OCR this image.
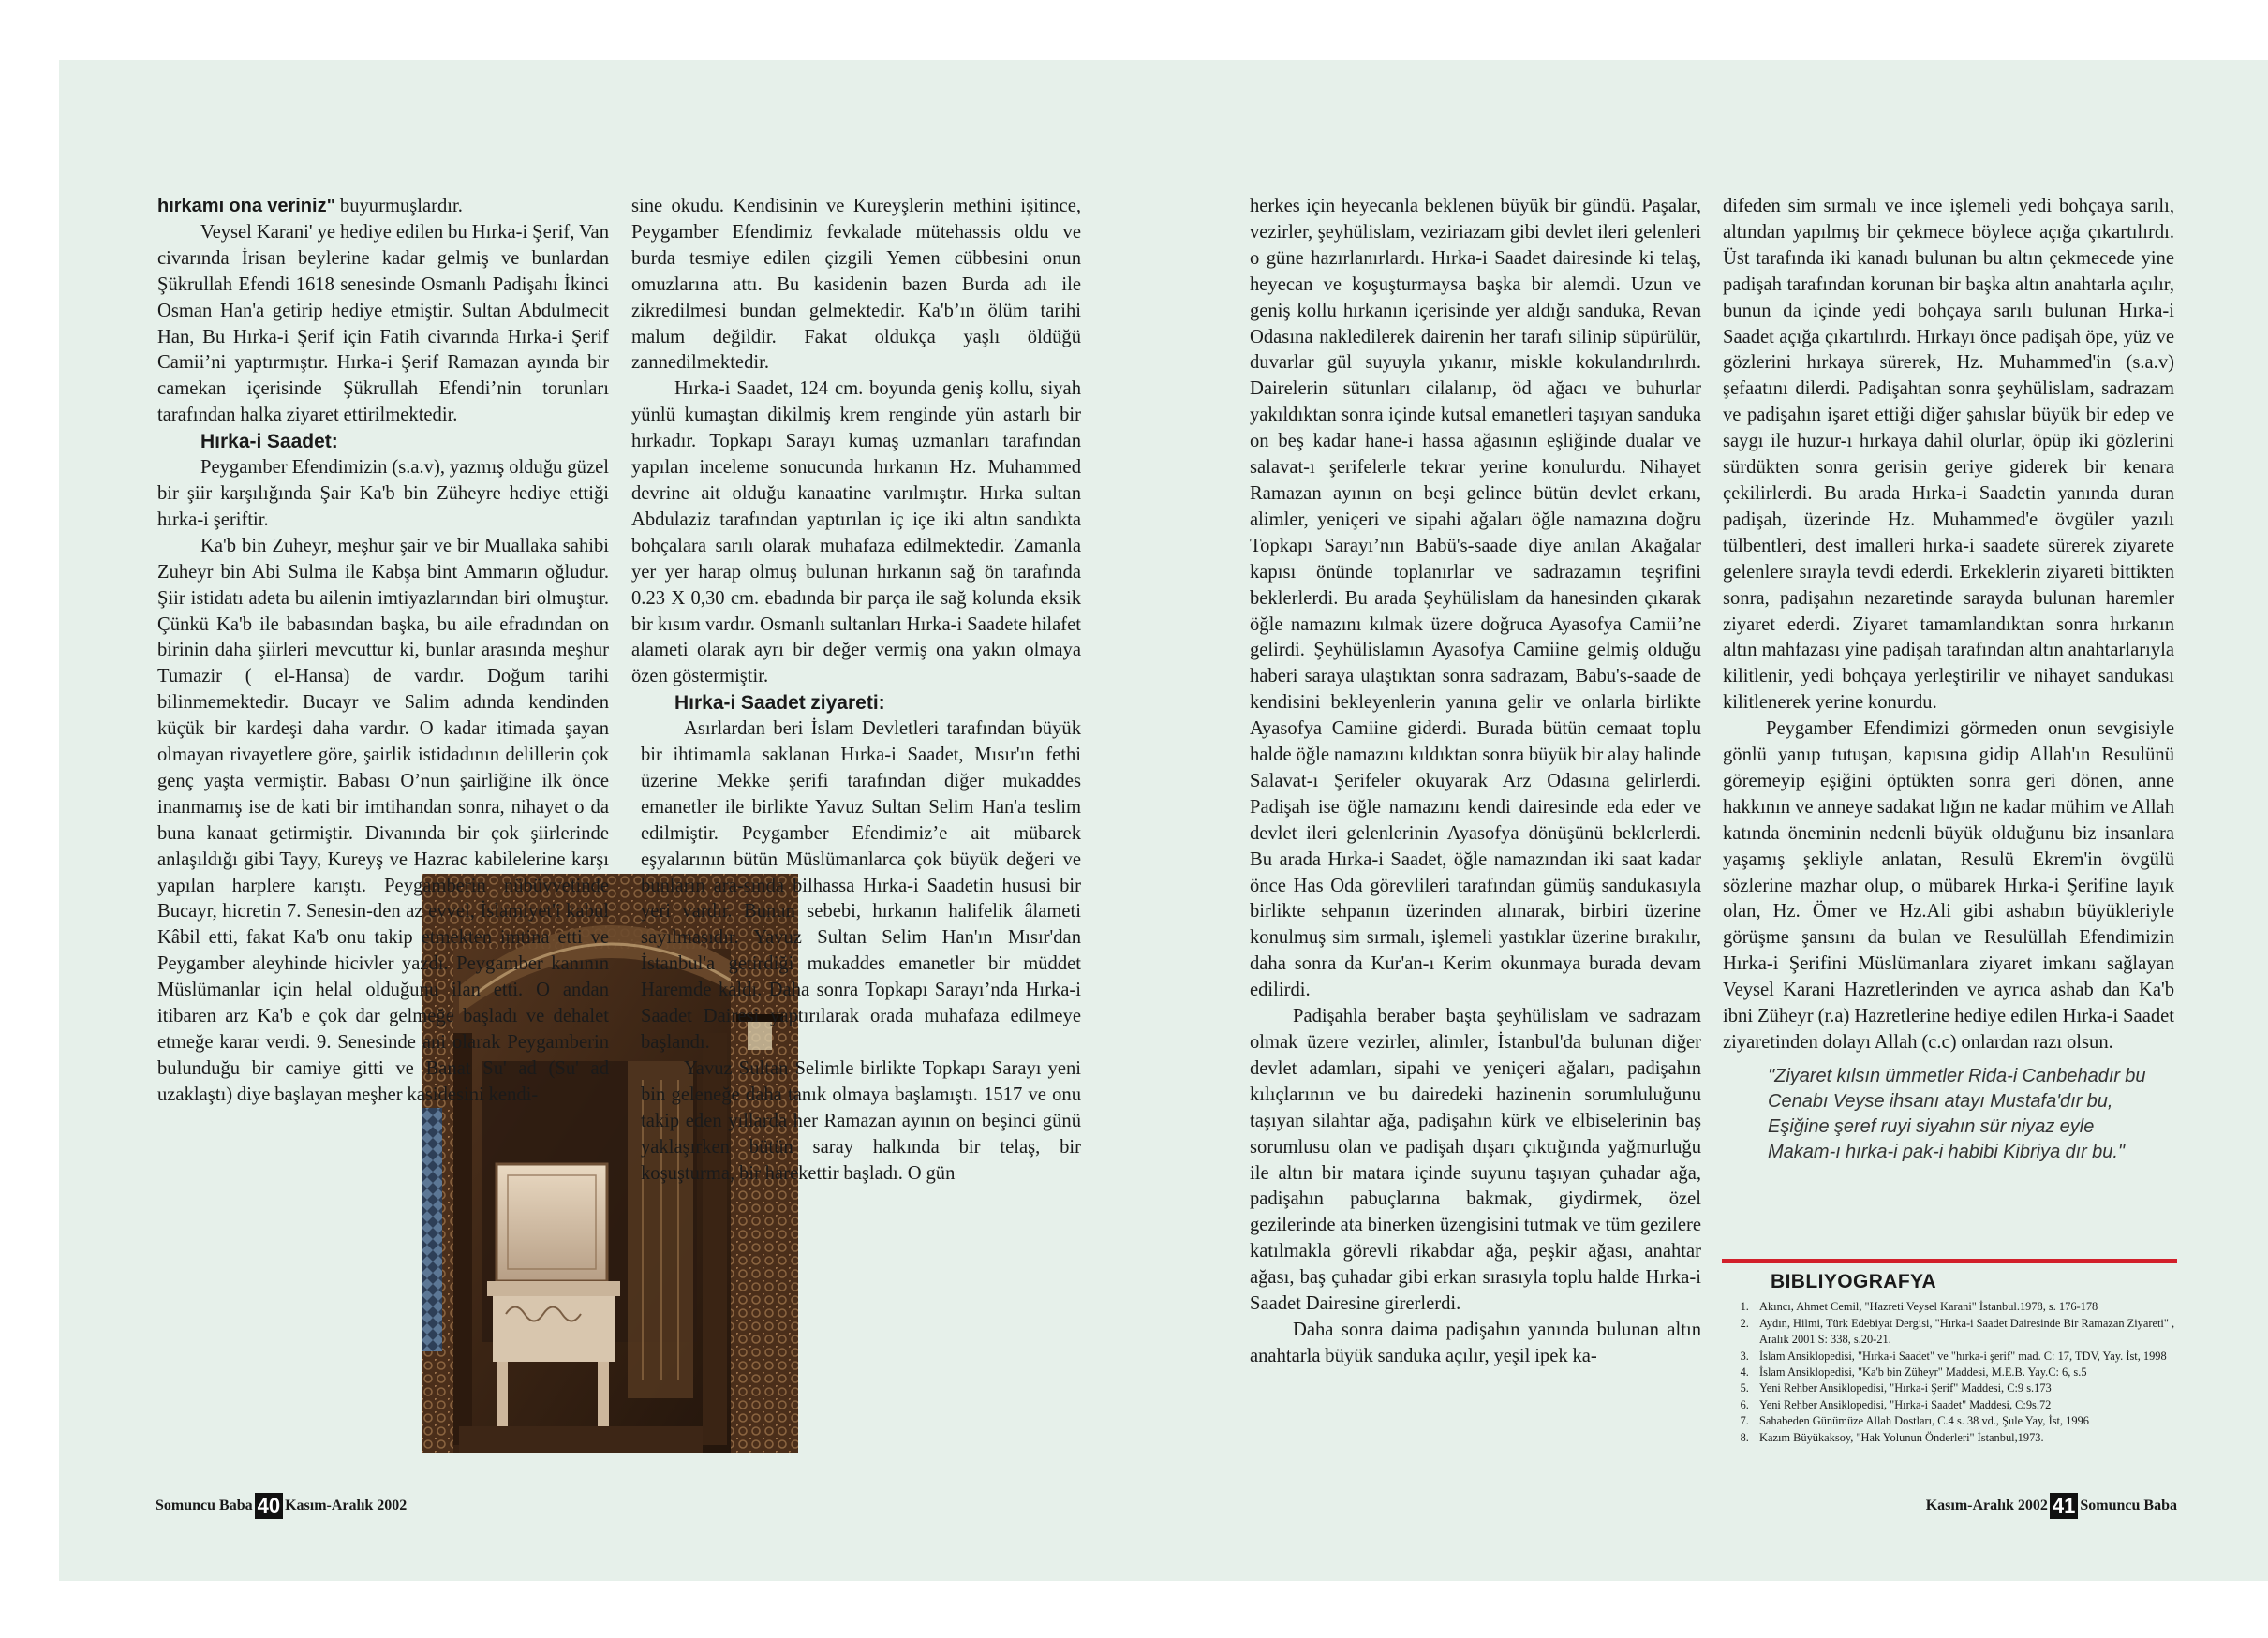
hırkamı ona veriniz" buyurmuşlardır.

Veysel Karani' ye hediye edilen bu Hırka-i Şerif, Van civarında İrisan beylerine kadar gelmiş ve bunlardan Şükrullah Efendi 1618 senesinde Osmanlı Padişahı İkinci Osman Han'a getirip hediye etmiştir. Sultan Abdulmecit Han, Bu Hırka-i Şerif için Fatih civarında Hırka-i Şerif Camii’ni yaptırmıştır. Hırka-i Şerif Ramazan ayında bir camekan içerisinde Şükrullah Efendi’nin torunları tarafından halka ziyaret ettirilmektedir.

Hırka-i Saadet:

Peygamber Efendimizin (s.a.v), yazmış olduğu güzel bir şiir karşılığında Şair Ka'b bin Züheyre hediye ettiği hırka-i şeriftir.

Ka'b bin Zuheyr, meşhur şair ve bir Muallaka sahibi Zuheyr bin Abi Sulma ile Kabşa bint Ammarın oğludur. Şiir istidatı adeta bu ailenin imtiyazlarından biri olmuştur. Çünkü Ka'b ile babasından başka, bu aile efradından on birinin daha şiirleri mevcuttur ki, bunlar arasında meşhur Tumazir ( el-Hansa) de vardır. Doğum tarihi bilinmemektedir. Bucayr ve Salim adında kendinden küçük bir kardeşi daha vardır. O kadar itimada şayan olmayan rivayetlere göre, şairlik istidadının delillerin çok genç yaşta vermiştir. Babası O’nun şairliğine ilk önce inanmamış ise de kati bir imtihandan sonra, nihayet o da buna kanaat getirmiştir. Divanında bir çok şiirlerinde anlaşıldığı gibi Tayy, Kureyş ve Hazrac kabilelerine karşı yapılan harplere karıştı. Peygamberin nübüvvetinde Bucayr, hicretin 7. Senesin-den az evvel, İslamiyet'i kabul Kâbil etti, fakat Ka'b onu takip etmekten imtina etti ve Peygamber aleyhinde hicivler yazdı. Peygamber kanının Müslümanlar için helal olduğunu ilan etti. O andan itibaren arz Ka'b e çok dar gelmeğe başladı ve dehalet etmeğe karar verdi. 9. Senesinde ani olarak Peygamberin bulunduğu bir camiye gitti ve Banat Su' ad (Su' ad uzaklaştı) diye başlayan meşher kasidesini kendi-

sine okudu. Kendisinin ve Kureyşlerin methini işitince, Peygamber Efendimiz fevkalade mütehassis oldu ve burda tesmiye edilen çizgili Yemen cübbesini onun omuzlarına attı. Bu kasidenin bazen Burda adı ile zikredilmesi bundan gelmektedir. Ka'b’ın ölüm tarihi malum değildir. Fakat oldukça yaşlı öldüğü zannedilmektedir.

Hırka-i Saadet, 124 cm. boyunda geniş kollu, siyah yünlü kumaştan dikilmiş krem renginde yün astarlı bir hırkadır. Topkapı Sarayı kumaş uzmanları tarafından yapılan inceleme sonucunda hırkanın Hz. Muhammed devrine ait olduğu kanaatine varılmıştır. Hırka sultan Abdulaziz tarafından yaptırılan iç içe iki altın sandıkta bohçalara sarılı olarak muhafaza edilmektedir. Zamanla yer yer harap olmuş bulunan hırkanın sağ ön tarafında 0.23 X 0,30 cm. ebadında bir parça ile sağ kolunda eksik bir kısım vardır. Osmanlı sultanları Hırka-i Saadete hilafet alameti olarak ayrı bir değer vermiş ona yakın olmaya özen göstermiştir.

Hırka-i Saadet ziyareti:

Asırlardan beri İslam Devletleri tarafından büyük bir ihtimamla saklanan Hırka-i Saadet, Mısır'ın fethi üzerine Mekke şerifi tarafından diğer mukaddes emanetler ile birlikte Yavuz Sultan Selim Han'a teslim edilmiştir. Peygamber Efendimiz’e ait mübarek eşyalarının bütün Müslümanlarca çok büyük değeri ve bunların ara-sında bilhassa Hırka-i Saadetin hususi bir yeri vardır. Bunun sebebi, hırkanın halifelik âlameti sayılmasıdır. Yavuz Sultan Selim Han'ın Mısır'dan İstanbul'a getirdiği mukaddes emanetler bir müddet Haremde kaldı. Daha sonra Topkapı Sarayı’nda Hırka-i Saadet Dairesi yaptırılarak orada muhafaza edilmeye başlandı.

Yavuz Sultan Selimle birlikte Topkapı Sarayı yeni bin geleneğe daha tanık olmaya başlamıştı. 1517 ve onu takip eden yıllarda her Ramazan ayının on beşinci günü yaklaşırken bütün saray halkında bir telaş, bir koşuşturma, bir harekettir başladı. O gün

herkes için heyecanla beklenen büyük bir gündü. Paşalar, vezirler, şeyhülislam, veziriazam gibi devlet ileri gelenleri o güne hazırlanırlardı. Hırka-i Saadet dairesinde ki telaş, heyecan ve koşuşturmaysa başka bir alemdi. Uzun ve geniş kollu hırkanın içerisinde yer aldığı sanduka, Revan Odasına nakledilerek dairenin her tarafı silinip süpürülür, duvarlar gül suyuyla yıkanır, miskle kokulandırılırdı. Dairelerin sütunları cilalanıp, öd ağacı ve buhurlar yakıldıktan sonra içinde kutsal emanetleri taşıyan sanduka on beş kadar hane-i hassa ağasının eşliğinde dualar ve salavat-ı şerifelerle tekrar yerine konulurdu. Nihayet Ramazan ayının on beşi gelince bütün devlet erkanı, alimler, yeniçeri ve sipahi ağaları öğle namazına doğru Topkapı Sarayı’nın Babü's-saade diye anılan Akağalar kapısı önünde toplanırlar ve sadrazamın teşrifini beklerlerdi. Bu arada Şeyhülislam da hanesinden çıkarak öğle namazını kılmak üzere doğruca Ayasofya Camii’ne gelirdi. Şeyhülislamın Ayasofya Camiine gelmiş olduğu haberi saraya ulaştıktan sonra sadrazam, Babu's-saade de kendisini bekleyenlerin yanına gelir ve onlarla birlikte Ayasofya Camiine giderdi. Burada bütün cemaat toplu halde öğle namazını kıldıktan sonra büyük bir alay halinde Salavat-ı Şerifeler okuyarak Arz Odasına gelirlerdi. Padişah ise öğle namazını kendi dairesinde eda eder ve devlet ileri gelenlerinin Ayasofya dönüşünü beklerlerdi. Bu arada Hırka-i Saadet, öğle namazından iki saat kadar önce Has Oda görevlileri tarafından gümüş sandukasıyla birlikte sehpanın üzerinden alınarak, birbiri üzerine konulmuş sim sırmalı, işlemeli yastıklar üzerine bırakılır, daha sonra da Kur'an-ı Kerim okunmaya burada devam edilirdi.

Padişahla beraber başta şeyhülislam ve sadrazam olmak üzere vezirler, alimler, İstanbul'da bulunan diğer devlet adamları, sipahi ve yeniçeri ağaları, padişahın kılıçlarının ve bu dairedeki hazinenin sorumluluğunu taşıyan silahtar ağa, padişahın kürk ve elbiselerinin baş sorumlusu olan ve padişah dışarı çıktığında yağmurluğu ile altın bir matara içinde suyunu taşıyan çuhadar ağa, padişahın pabuçlarına bakmak, giydirmek, özel gezilerinde ata binerken üzengisini tutmak ve tüm gezilere katılmakla görevli rikabdar ağa, peşkir ağası, anahtar ağası, baş çuhadar gibi erkan sırasıyla toplu halde Hırka-i Saadet Dairesine girerlerdi.

Daha sonra daima padişahın yanında bulunan altın anahtarla büyük sanduka açılır, yeşil ipek ka-

difeden sim sırmalı ve ince işlemeli yedi bohçaya sarılı, altından yapılmış bir çekmece böylece açığa çıkartılırdı. Üst tarafında iki kanadı bulunan bu altın çekmecede yine padişah tarafından korunan bir başka altın anahtarla açılır, bunun da içinde yedi bohçaya sarılı bulunan Hırka-i Saadet açığa çıkartılırdı. Hırkayı önce padişah öpe, yüz ve gözlerini hırkaya sürerek, Hz. Muhammed'in (s.a.v) şefaatını dilerdi. Padişahtan sonra şeyhülislam, sadrazam ve padişahın işaret ettiği diğer şahıslar büyük bir edep ve saygı ile huzur-ı hırkaya dahil olurlar, öpüp iki gözlerini sürdükten sonra gerisin geriye giderek bir kenara çekilirlerdi. Bu arada Hırka-i Saadetin yanında duran padişah, üzerinde Hz. Muhammed'e övgüler yazılı tülbentleri, dest imalleri hırka-i saadete sürerek ziyarete gelenlere sırayla tevdi ederdi. Erkeklerin ziyareti bittikten sonra, padişahın nezaretinde sarayda bulunan haremler ziyaret ederdi. Ziyaret tamamlandıktan sonra hırkanın altın mahfazası yine padişah tarafından altın anahtarlarıyla kilitlenir, yedi bohçaya yerleştirilir ve nihayet sandukası kilitlenerek yerine konurdu.

Peygamber Efendimizi görmeden onun sevgisiyle gönlü yanıp tutuşan, kapısına gidip Allah'ın Resulünü göremeyip eşiğini öptükten sonra geri dönen, anne hakkının ve anneye sadakat lığın ne kadar mühim ve Allah katında öneminin nedenli büyük olduğunu biz insanlara yaşamış şekliyle anlatan, Resulü Ekrem'in övgülü sözlerine mazhar olup, o mübarek Hırka-i Şerifine layık olan, Hz. Ömer ve Hz.Ali gibi ashabın büyükleriyle görüşme şansını da bulan ve Resulüllah Efendimizin Hırka-i Şerifini Müslümanlara ziyaret imkanı sağlayan Veysel Karani Hazretlerinden ve ayrıca ashab dan Ka'b ibni Züheyr (r.a) Hazretlerine hediye edilen Hırka-i Saadet ziyaretinden dolayı Allah (c.c) onlardan razı olsun.

"Ziyaret kılsın ümmetler Rida-i Canbehadır bu
Cenabı Veyse ihsanı atayı Mustafa'dır bu,
Eşiğine şeref ruyi siyahın sür niyaz eyle
Makam-ı hırka-i pak-i habibi Kibriya dır bu."
BIBLIYOGRAFYA
1. Akıncı, Ahmet Cemil, "Hazreti Veysel Karani" İstanbul.1978, s. 176-178
2. Aydın, Hilmi, Türk Edebiyat Dergisi, "Hırka-i Saadet Dairesinde Bir Ramazan Ziyareti" , Aralık 2001 S: 338, s.20-21.
3. İslam Ansiklopedisi, "Hırka-i Saadet" ve "hırka-i şerif" mad. C: 17, TDV, Yay. İst, 1998
4. İslam Ansiklopedisi, "Ka'b bin Züheyr" Maddesi, M.E.B. Yay.C: 6, s.5
5. Yeni Rehber Ansiklopedisi, "Hırka-i Şerif" Maddesi, C:9 s.173
6. Yeni Rehber Ansiklopedisi, "Hırka-i Saadet" Maddesi, C:9s.72
7. Sahabeden Günümüze Allah Dostları, C.4 s. 38 vd., Şule Yay, İst, 1996
8. Kazım Büyükaksoy, "Hak Yolunun Önderleri" İstanbul,1973.
Somuncu Baba 40 Kasım-Aralık 2002	Kasım-Aralık 2002 41 Somuncu Baba
